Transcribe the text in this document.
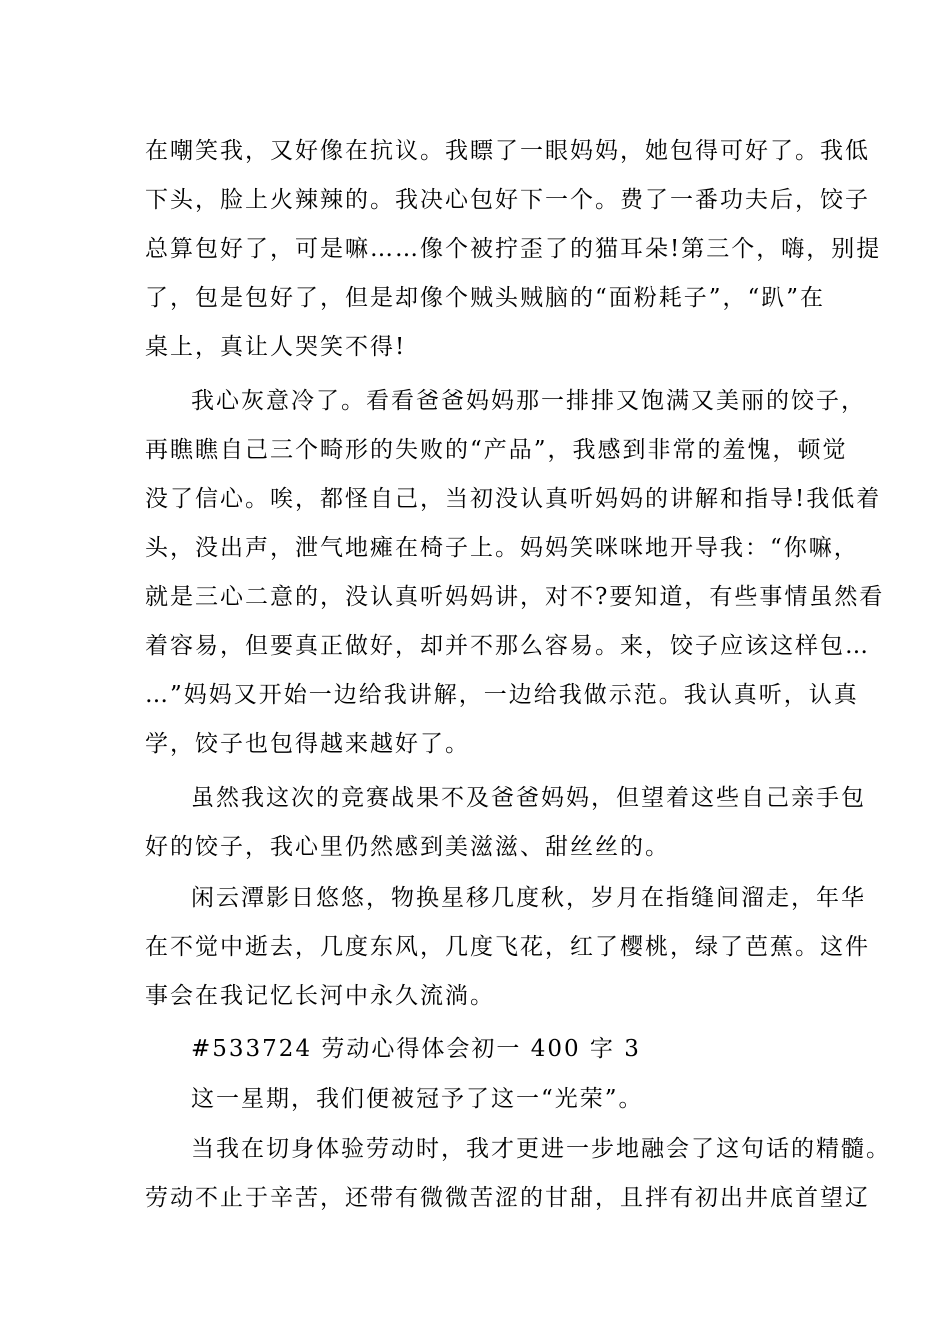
在嘲笑我，又好像在抗议。我瞟了一眼妈妈，她包得可好了。我低
下头，脸上火辣辣的。我决心包好下一个。费了一番功夫后，饺子
总算包好了，可是嘛……像个被拧歪了的猫耳朵!第三个，嗨，别提
了，包是包好了，但是却像个贼头贼脑的“面粉耗子”，“趴”在
桌上，真让人哭笑不得!
我心灰意冷了。看看爸爸妈妈那一排排又饱满又美丽的饺子，
再瞧瞧自己三个畸形的失败的“产品”，我感到非常的羞愧，顿觉
没了信心。唉，都怪自己，当初没认真听妈妈的讲解和指导!我低着
头，没出声，泄气地瘫在椅子上。妈妈笑咪咪地开导我：“你嘛，
就是三心二意的，没认真听妈妈讲，对不?要知道，有些事情虽然看
着容易，但要真正做好，却并不那么容易。来，饺子应该这样包…
…”妈妈又开始一边给我讲解，一边给我做示范。我认真听，认真
学，饺子也包得越来越好了。
虽然我这次的竞赛战果不及爸爸妈妈，但望着这些自己亲手包
好的饺子，我心里仍然感到美滋滋、甜丝丝的。
闲云潭影日悠悠，物换星移几度秋，岁月在指缝间溜走，年华
在不觉中逝去，几度东风，几度飞花，红了樱桃，绿了芭蕉。这件
事会在我记忆长河中永久流淌。
#533724 劳动心得体会初一 400 字 3
这一星期，我们便被冠予了这一“光荣”。
当我在切身体验劳动时，我才更进一步地融会了这句话的精髓。
劳动不止于辛苦，还带有微微苦涩的甘甜，且拌有初出井底首望辽
